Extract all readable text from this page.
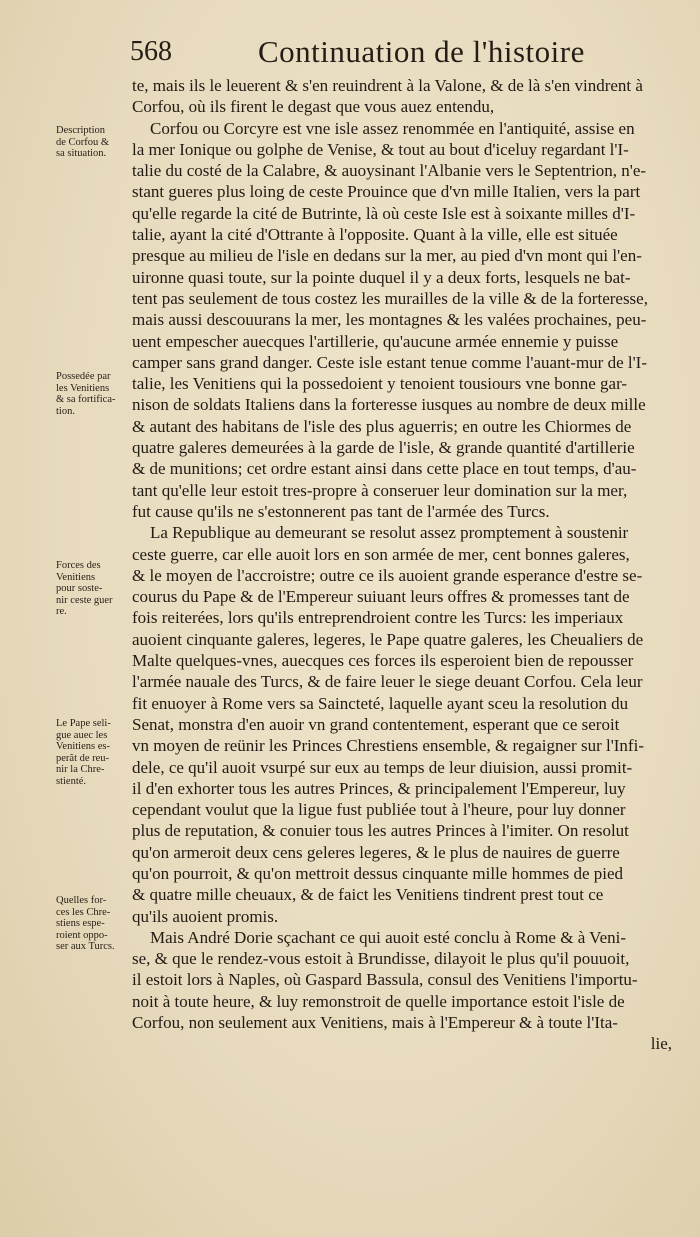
568	Continuation de l'histoire
Description
de Corfou &
sa situation.
Possedée par
les Venitiens
& sa fortifica-
tion.
Forces des
Venitiens
pour soste-
nir ceste guer
re.
Le Pape seli-
gue auec les
Venitiens es-
perãt de reu-
nir la Chre-
stienté.
Quelles for-
ces les Chre-
stiens espe-
roient oppo-
ser aux Turcs.
te, mais ils le leuerent & s'en reuindrent à la Valone, & de là s'en vindrent à
Corfou, où ils firent le degast que vous auez entendu,
Corfou ou Corcyre est vne isle assez renommée en l'antiquité, assise en
la mer Ionique ou golphe de Venise, & tout au bout d'iceluy regardant l'I-
talie du costé de la Calabre, & auoysinant l'Albanie vers le Septentrion, n'e-
stant gueres plus loing de ceste Prouince que d'vn mille Italien, vers la part
qu'elle regarde la cité de Butrinte, là où ceste Isle est à soixante milles d'I-
talie, ayant la cité d'Ottrante à l'opposite. Quant à la ville, elle est située
presque au milieu de l'isle en dedans sur la mer, au pied d'vn mont qui l'en-
uironne quasi toute, sur la pointe duquel il y a deux forts, lesquels ne bat-
tent pas seulement de tous costez les murailles de la ville & de la forteresse,
mais aussi descouurans la mer, les montagnes & les valées prochaines, peu-
uent empescher auecques l'artillerie, qu'aucune armée ennemie y puisse
camper sans grand danger. Ceste isle estant tenue comme l'auant-mur de l'I-
talie, les Venitiens qui la possedoient y tenoient tousiours vne bonne gar-
nison de soldats Italiens dans la forteresse iusques au nombre de deux mille
& autant des habitans de l'isle des plus aguerris; en outre les Chiormes de
quatre galeres demeurées à la garde de l'isle, & grande quantité d'artillerie
& de munitions; cet ordre estant ainsi dans cette place en tout temps, d'au-
tant qu'elle leur estoit tres-propre à conseruer leur domination sur la mer,
fut cause qu'ils ne s'estonnerent pas tant de l'armée des Turcs.
La Republique au demeurant se resolut assez promptement à soustenir
ceste guerre, car elle auoit lors en son armée de mer, cent bonnes galeres,
& le moyen de l'accroistre; outre ce ils auoient grande esperance d'estre se-
courus du Pape & de l'Empereur suiuant leurs offres & promesses tant de
fois reiterées, lors qu'ils entreprendroient contre les Turcs: les imperiaux
auoient cinquante galeres, legeres, le Pape quatre galeres, les Cheualiers de
Malte quelques-vnes, auecques ces forces ils esperoient bien de repousser
l'armée nauale des Turcs, & de faire leuer le siege deuant Corfou. Cela leur
fit enuoyer à Rome vers sa Saincteté, laquelle ayant sceu la resolution du
Senat, monstra d'en auoir vn grand contentement, esperant que ce seroit
vn moyen de reünir les Princes Chrestiens ensemble, & regaigner sur l'Infi-
dele, ce qu'il auoit vsurpé sur eux au temps de leur diuision, aussi promit-
il d'en exhorter tous les autres Princes, & principalement l'Empereur, luy
cependant voulut que la ligue fust publiée tout à l'heure, pour luy donner
plus de reputation, & conuier tous les autres Princes à l'imiter. On resolut
qu'on armeroit deux cens geleres legeres, & le plus de nauires de guerre
qu'on pourroit, & qu'on mettroit dessus cinquante mille hommes de pied
& quatre mille cheuaux, & de faict les Venitiens tindrent prest tout ce
qu'ils auoient promis.
Mais André Dorie sçachant ce qui auoit esté conclu à Rome & à Veni-
se, & que le rendez-vous estoit à Brundisse, dilayoit le plus qu'il pouuoit,
il estoit lors à Naples, où Gaspard Bassula, consul des Venitiens l'importu-
noit à toute heure, & luy remonstroit de quelle importance estoit l'isle de
Corfou, non seulement aux Venitiens, mais à l'Empereur & à toute l'Ita-
lie,
